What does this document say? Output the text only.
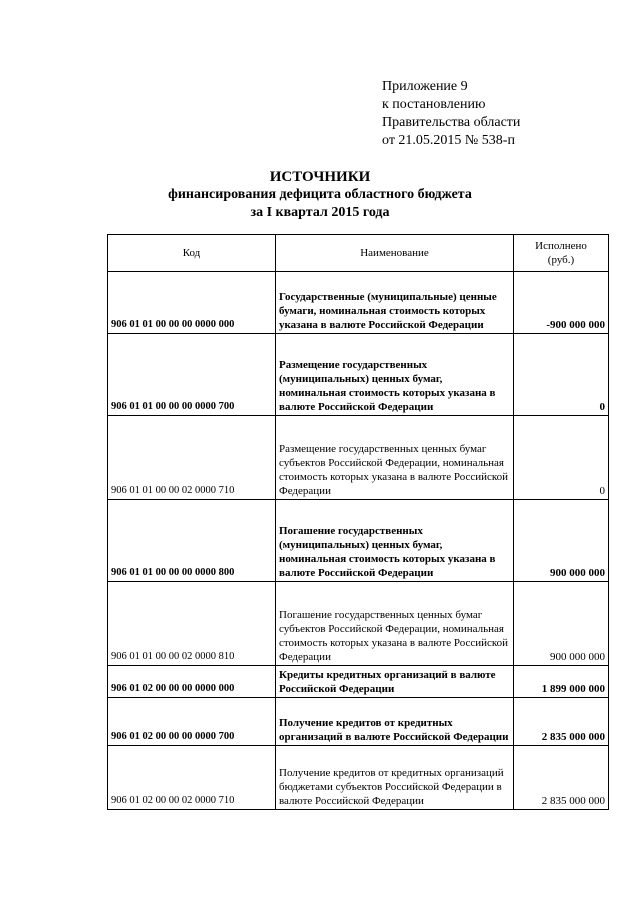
Приложение 9
к постановлению
Правительства области
от 21.05.2015 № 538-п
ИСТОЧНИКИ
финансирования дефицита областного бюджета
за I квартал 2015 года
Код	Наименование	Исполнено
(руб.)

906 01 01 00 00 00 0000 000	Государственные (муниципальные) ценные бумаги, номинальная стоимость которых указана в валюте Российской Федерации	-900 000 000
906 01 01 00 00 00 0000 700	Размещение государственных (муниципальных) ценных бумаг, номинальная стоимость которых указана в валюте Российской Федерации	0
906 01 01 00 00 02 0000 710	Размещение государственных ценных бумаг субъектов Российской Федерации, номинальная стоимость которых указана в валюте Российской Федерации	0
906 01 01 00 00 00 0000 800	Погашение государственных (муниципальных) ценных бумаг, номинальная стоимость которых указана в валюте Российской Федерации	900 000 000
906 01 01 00 00 02 0000 810	Погашение государственных ценных бумаг субъектов Российской Федерации, номинальная стоимость которых указана в валюте Российской Федерации	900 000 000
906 01 02 00 00 00 0000 000	Кредиты кредитных организаций в валюте Российской Федерации	1 899 000 000
906 01 02 00 00 00 0000 700	Получение кредитов от кредитных организаций в валюте Российской Федерации	2 835 000 000
906 01 02 00 00 02 0000 710	Получение кредитов от кредитных организаций бюджетами субъектов Российской Федерации в валюте Российской Федерации	2 835 000 000
